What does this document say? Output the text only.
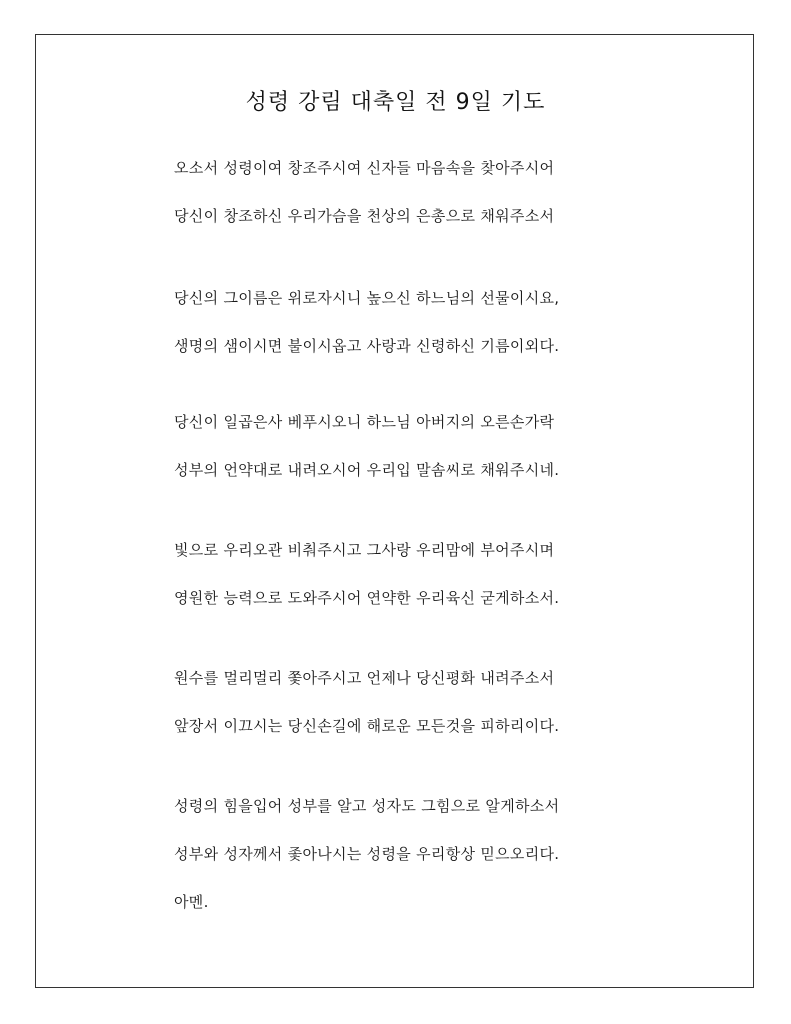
성령 강림 대축일 전 9일 기도
오소서 성령이여 창조주시여 신자들 마음속을 찾아주시어
당신이 창조하신 우리가슴을 천상의 은총으로 채워주소서
당신의 그이름은 위로자시니 높으신 하느님의 선물이시요,
생명의 샘이시면 불이시옵고 사랑과 신령하신 기름이외다.
당신이 일곱은사 베푸시오니 하느님 아버지의 오른손가락
성부의 언약대로 내려오시어 우리입 말솜씨로 채워주시네.
빛으로 우리오관 비춰주시고 그사랑 우리맘에 부어주시며
영원한 능력으로 도와주시어 연약한 우리육신 굳게하소서.
원수를 멀리멀리 쫓아주시고 언제나 당신평화 내려주소서
앞장서 이끄시는 당신손길에 해로운 모든것을 피하리이다.
성령의 힘을입어 성부를 알고 성자도 그힘으로 알게하소서
성부와 성자께서 좇아나시는 성령을 우리항상 믿으오리다.
아멘.
